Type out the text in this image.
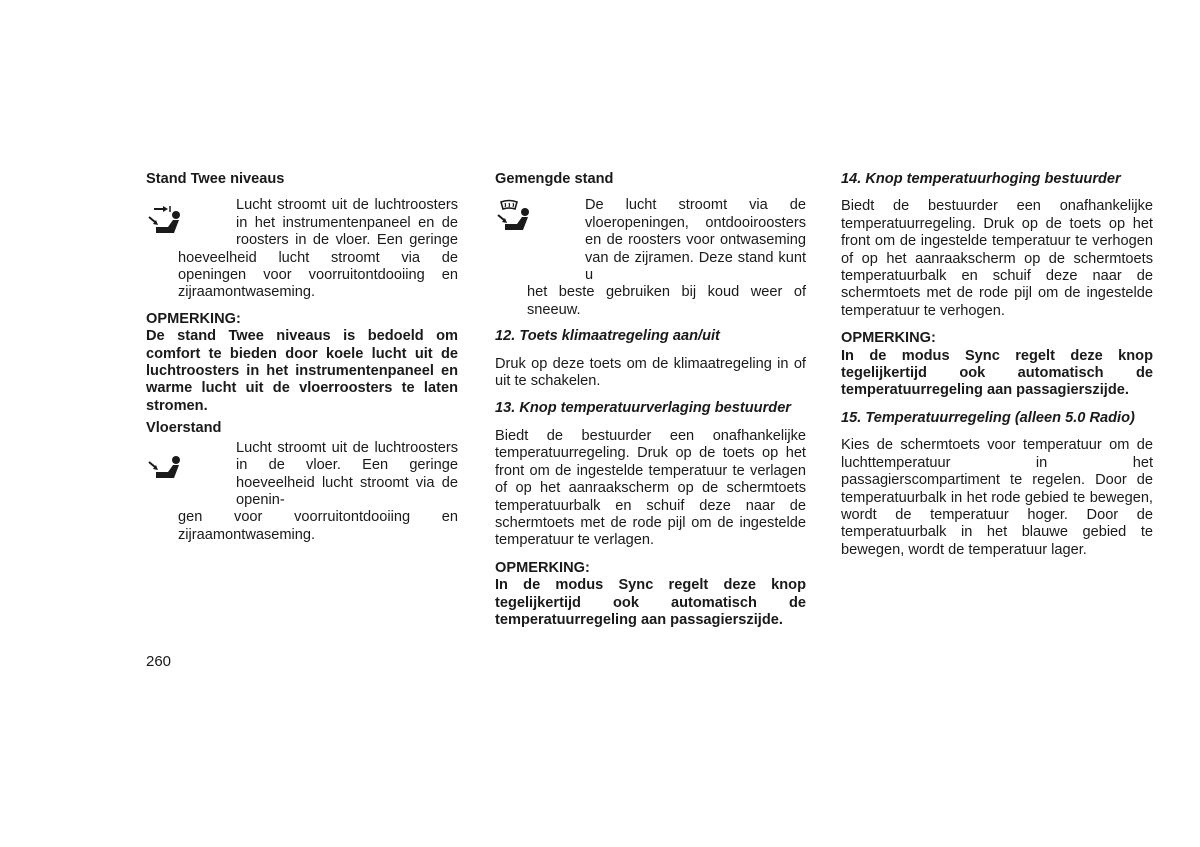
Stand Twee niveaus
Lucht stroomt uit de luchtroosters in het instrumentenpaneel en de roosters in de vloer. Een geringe
hoeveelheid lucht stroomt via de openingen voor voorruitontdooiing en zijraamontwaseming.
OPMERKING:
De stand Twee niveaus is bedoeld om comfort te bieden door koele lucht uit de luchtroosters in het instrumentenpaneel en warme lucht uit de vloerroosters te laten stromen.
Vloerstand
Lucht stroomt uit de luchtroosters in de vloer. Een geringe hoeveelheid lucht stroomt via de openin-
gen voor voorruitontdooiing en
zijraamontwaseming.
Gemengde stand
De lucht stroomt via de vloeropeningen, ontdooiroosters en de roosters voor ontwaseming van de zijramen. Deze stand kunt u
het beste gebruiken bij koud weer of sneeuw.
12. Toets klimaatregeling aan/uit
Druk op deze toets om de klimaatregeling in of uit te schakelen.
13. Knop temperatuurverlaging bestuurder
Biedt de bestuurder een onafhankelijke temperatuurregeling. Druk op de toets op het front om de ingestelde temperatuur te verlagen of op het aanraakscherm op de schermtoets temperatuurbalk en schuif deze naar de schermtoets met de rode pijl om de ingestelde temperatuur te verlagen.
OPMERKING:
In de modus Sync regelt deze knop tegelijkertijd ook automatisch de temperatuurregeling aan passagierszijde.
14. Knop temperatuurhoging bestuurder
Biedt de bestuurder een onafhankelijke temperatuurregeling. Druk op de toets op het front om de ingestelde temperatuur te verhogen of op het aanraakscherm op de schermtoets temperatuurbalk en schuif deze naar de schermtoets met de rode pijl om de ingestelde temperatuur te verhogen.
OPMERKING:
In de modus Sync regelt deze knop tegelijkertijd ook automatisch de temperatuurregeling aan passagierszijde.
15. Temperatuurregeling (alleen 5.0 Radio)
Kies de schermtoets voor temperatuur om de luchttemperatuur in het passagierscompartiment te regelen. Door de temperatuurbalk in het rode gebied te bewegen, wordt de temperatuur hoger. Door de temperatuurbalk in het blauwe gebied te bewegen, wordt de temperatuur lager.
260
